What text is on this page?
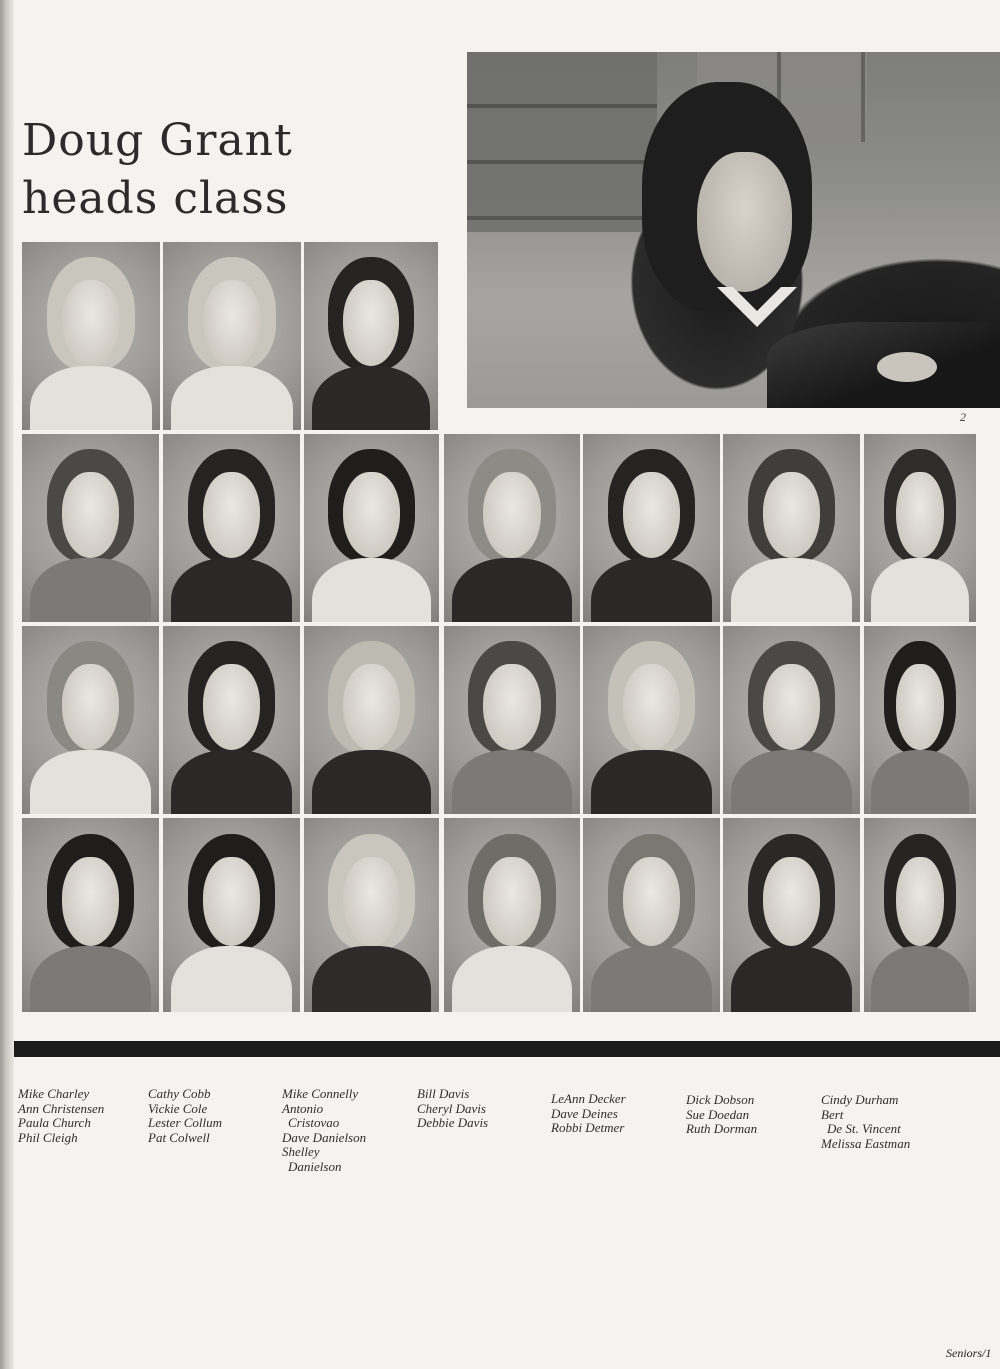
Doug Grant
heads class
2
Mike Charley
Ann Christensen
Paula Church
Phil Cleigh
Cathy Cobb
Vickie Cole
Lester Collum
Pat Colwell
Mike Connelly
Antonio
Cristovao
Dave Danielson
Shelley
Danielson
Bill Davis
Cheryl Davis
Debbie Davis
LeAnn Decker
Dave Deines
Robbi Detmer
Dick Dobson
Sue Doedan
Ruth Dorman
Cindy Durham
Bert
De St. Vincent
Melissa Eastman
Seniors/1
